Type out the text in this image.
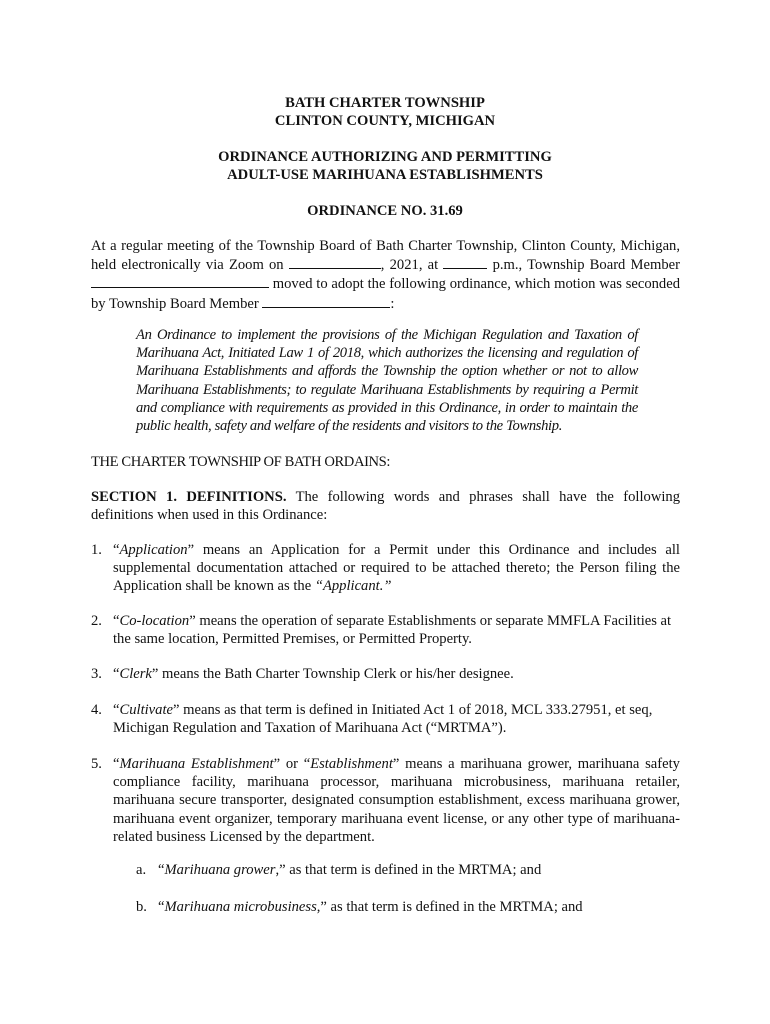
BATH CHARTER TOWNSHIP
CLINTON COUNTY, MICHIGAN
ORDINANCE AUTHORIZING AND PERMITTING
ADULT-USE MARIHUANA ESTABLISHMENTS
ORDINANCE NO. 31.69
At a regular meeting of the Township Board of Bath Charter Township, Clinton County, Michigan, held electronically via Zoom on	, 2021, at	p.m., Township Board Member  moved to adopt the following ordinance, which motion was seconded by Township Board Member	:
An Ordinance to implement the provisions of the Michigan Regulation and Taxation of Marihuana Act, Initiated Law 1 of 2018, which authorizes the licensing and regulation of Marihuana Establishments and affords the Township the option whether or not to allow Marihuana Establishments; to regulate Marihuana Establishments by requiring a Permit and compliance with requirements as provided in this Ordinance, in order to maintain the public health, safety and welfare of the residents and visitors to the Township.
THE CHARTER TOWNSHIP OF BATH ORDAINS:
SECTION 1. DEFINITIONS. The following words and phrases shall have the following definitions when used in this Ordinance:
1. “Application” means an Application for a Permit under this Ordinance and includes all supplemental documentation attached or required to be attached thereto; the Person filing the Application shall be known as the “Applicant.”
2. “Co-location” means the operation of separate Establishments or separate MMFLA Facilities at the same location, Permitted Premises, or Permitted Property.
3. “Clerk” means the Bath Charter Township Clerk or his/her designee.
4. “Cultivate” means as that term is defined in Initiated Act 1 of 2018, MCL 333.27951, et seq, Michigan Regulation and Taxation of Marihuana Act (“MRTMA”).
5. “Marihuana Establishment” or “Establishment” means a marihuana grower, marihuana safety compliance facility, marihuana processor, marihuana microbusiness, marihuana retailer, marihuana secure transporter, designated consumption establishment, excess marihuana grower, marihuana event organizer, temporary marihuana event license, or any other type of marihuana-related business Licensed by the department.
a. “Marihuana grower,” as that term is defined in the MRTMA; and
b. “Marihuana microbusiness,” as that term is defined in the MRTMA; and
